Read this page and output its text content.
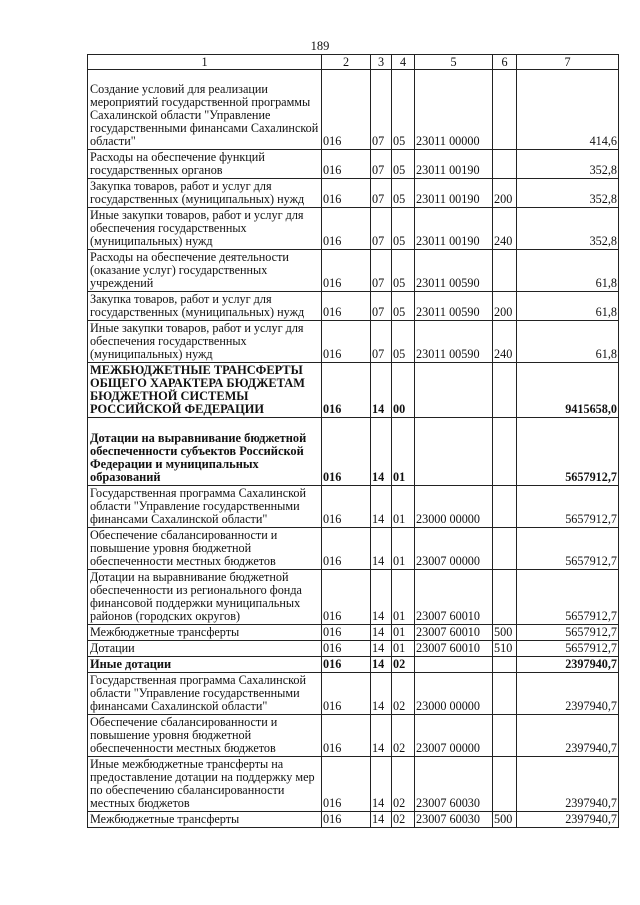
189
1	2	3	4	5	6	7
Создание условий для реализации мероприятий государственной программы Сахалинской области "Управление государственными финансами Сахалинской области"	016	07	05	23011 00000		414,6
Расходы на обеспечение функций государственных органов	016	07	05	23011 00190		352,8
Закупка товаров, работ и услуг для государственных (муниципальных) нужд	016	07	05	23011 00190	200	352,8
Иные закупки товаров, работ и услуг для обеспечения государственных (муниципальных) нужд	016	07	05	23011 00190	240	352,8
Расходы на обеспечение деятельности (оказание услуг) государственных учреждений	016	07	05	23011 00590		61,8
Закупка товаров, работ и услуг для государственных (муниципальных) нужд	016	07	05	23011 00590	200	61,8
Иные закупки товаров, работ и услуг для обеспечения государственных (муниципальных) нужд	016	07	05	23011 00590	240	61,8
МЕЖБЮДЖЕТНЫЕ ТРАНСФЕРТЫ ОБЩЕГО ХАРАКТЕРА БЮДЖЕТАМ БЮДЖЕТНОЙ СИСТЕМЫ РОССИЙСКОЙ ФЕДЕРАЦИИ	016	14	00			9415658,0
Дотации на выравнивание бюджетной обеспеченности субъектов Российской Федерации и муниципальных образований	016	14	01			5657912,7
Государственная программа Сахалинской области "Управление государственными финансами Сахалинской области"	016	14	01	23000 00000		5657912,7
Обеспечение сбалансированности и повышение уровня бюджетной обеспеченности местных бюджетов	016	14	01	23007 00000		5657912,7
Дотации на выравнивание бюджетной обеспеченности из регионального фонда финансовой поддержки муниципальных районов (городских округов)	016	14	01	23007 60010		5657912,7
Межбюджетные трансферты	016	14	01	23007 60010	500	5657912,7
Дотации	016	14	01	23007 60010	510	5657912,7
Иные дотации	016	14	02			2397940,7
Государственная программа Сахалинской области "Управление государственными финансами Сахалинской области"	016	14	02	23000 00000		2397940,7
Обеспечение сбалансированности и повышение уровня бюджетной обеспеченности местных бюджетов	016	14	02	23007 00000		2397940,7
Иные межбюджетные трансферты на предоставление дотации на поддержку мер по обеспечению сбалансированности местных бюджетов	016	14	02	23007 60030		2397940,7
Межбюджетные трансферты	016	14	02	23007 60030	500	2397940,7
